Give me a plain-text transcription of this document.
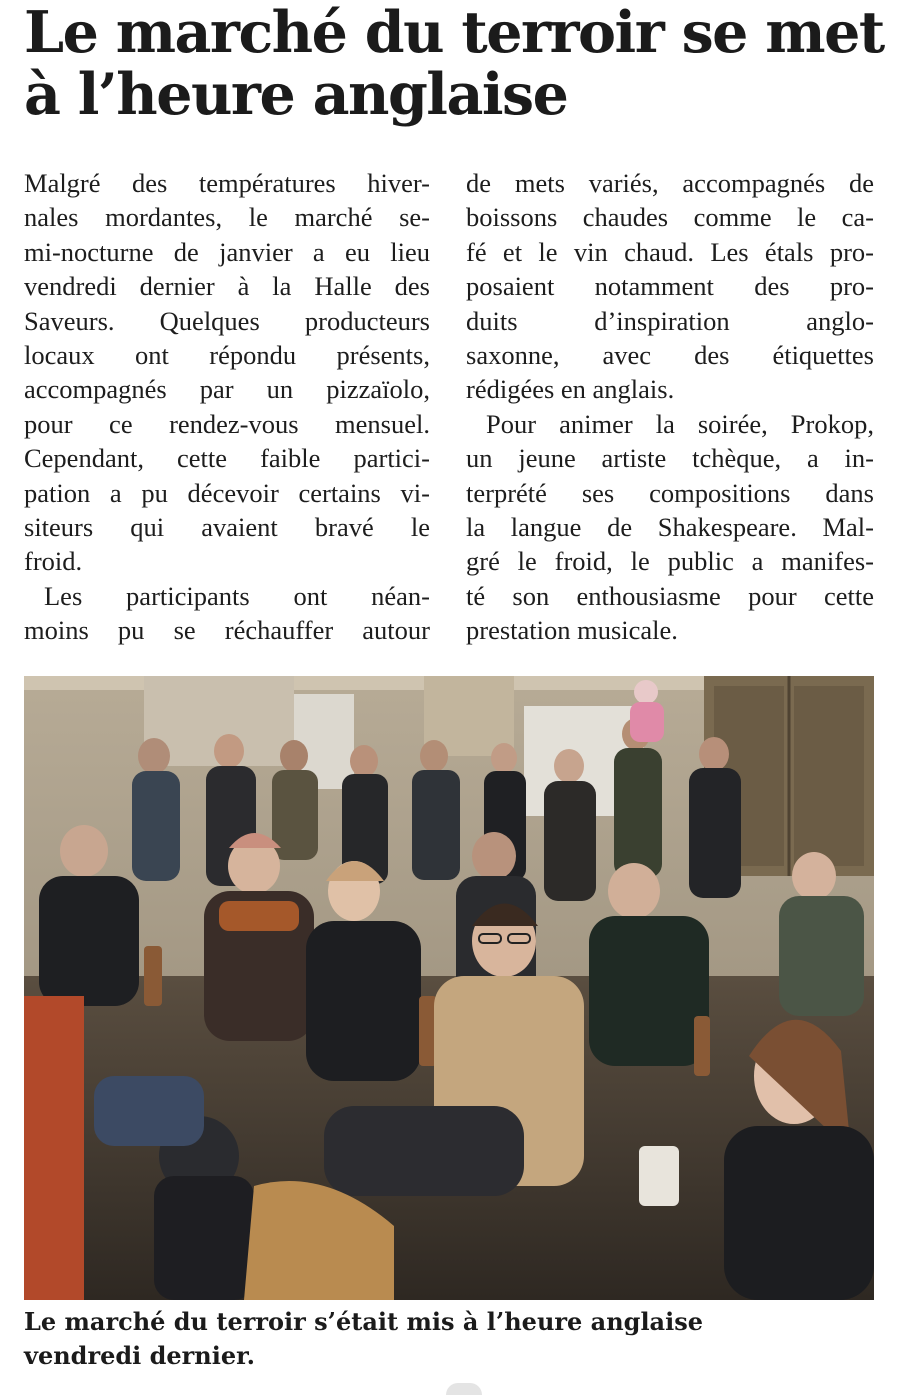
Le marché du terroir se met
à l’heure anglaise
Malgré des températures hiver-
nales mordantes, le marché se-
mi-nocturne de janvier a eu lieu
vendredi dernier à la Halle des
Saveurs. Quelques producteurs
locaux ont répondu présents,
accompagnés par un pizzaïolo,
pour ce rendez-vous mensuel.
Cependant, cette faible partici-
pation a pu décevoir certains vi-
siteurs qui avaient bravé le
froid.
Les participants ont néan-
moins pu se réchauffer autour
de mets variés, accompagnés de
boissons chaudes comme le ca-
fé et le vin chaud. Les étals pro-
posaient notamment des pro-
duits d’inspiration anglo-
saxonne, avec des étiquettes
rédigées en anglais.
Pour animer la soirée, Prokop,
un jeune artiste tchèque, a in-
terprété ses compositions dans
la langue de Shakespeare. Mal-
gré le froid, le public a manifes-
té son enthousiasme pour cette
prestation musicale.
Le marché du terroir s’était mis à l’heure anglaise
vendredi dernier.
